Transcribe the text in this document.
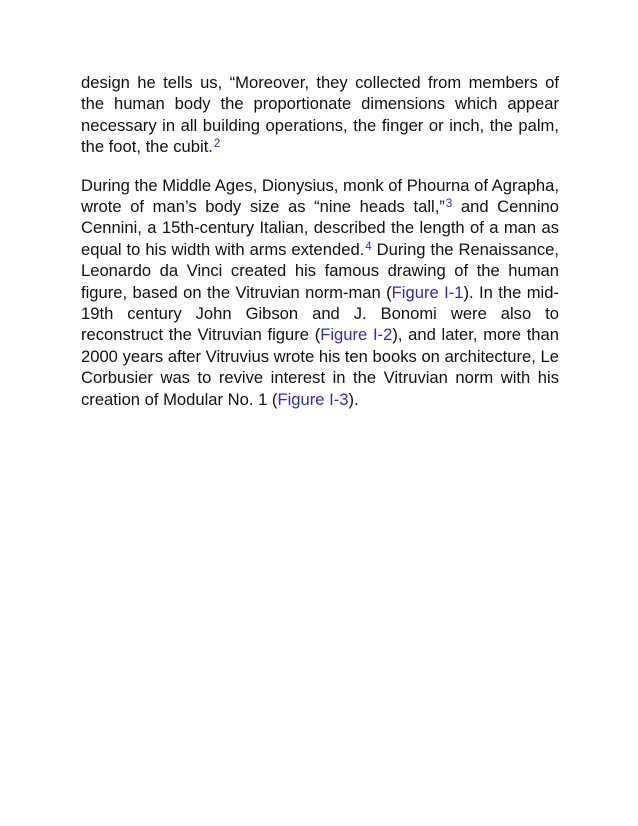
design he tells us, “Moreover, they collected from members of the human body the proportionate dimensions which appear necessary in all building operations, the finger or inch, the palm, the foot, the cubit.$^2$

During the Middle Ages, Dionysius, monk of Phourna of Agrapha, wrote of man’s body size as “nine heads tall,”$^3$ and Cennino Cennini, a 15th-century Italian, described the length of a man as equal to his width with arms extended.$^4$ During the Renaissance, Leonardo da Vinci created his famous drawing of the human figure, based on the Vitruvian norm-man (Figure I-1). In the mid-19th century John Gibson and J. Bonomi were also to reconstruct the Vitruvian figure (Figure I-2), and later, more than 2000 years after Vitruvius wrote his ten books on architecture, Le Corbusier was to revive interest in the Vitruvian norm with his creation of Modular No. 1 (Figure I-3).
